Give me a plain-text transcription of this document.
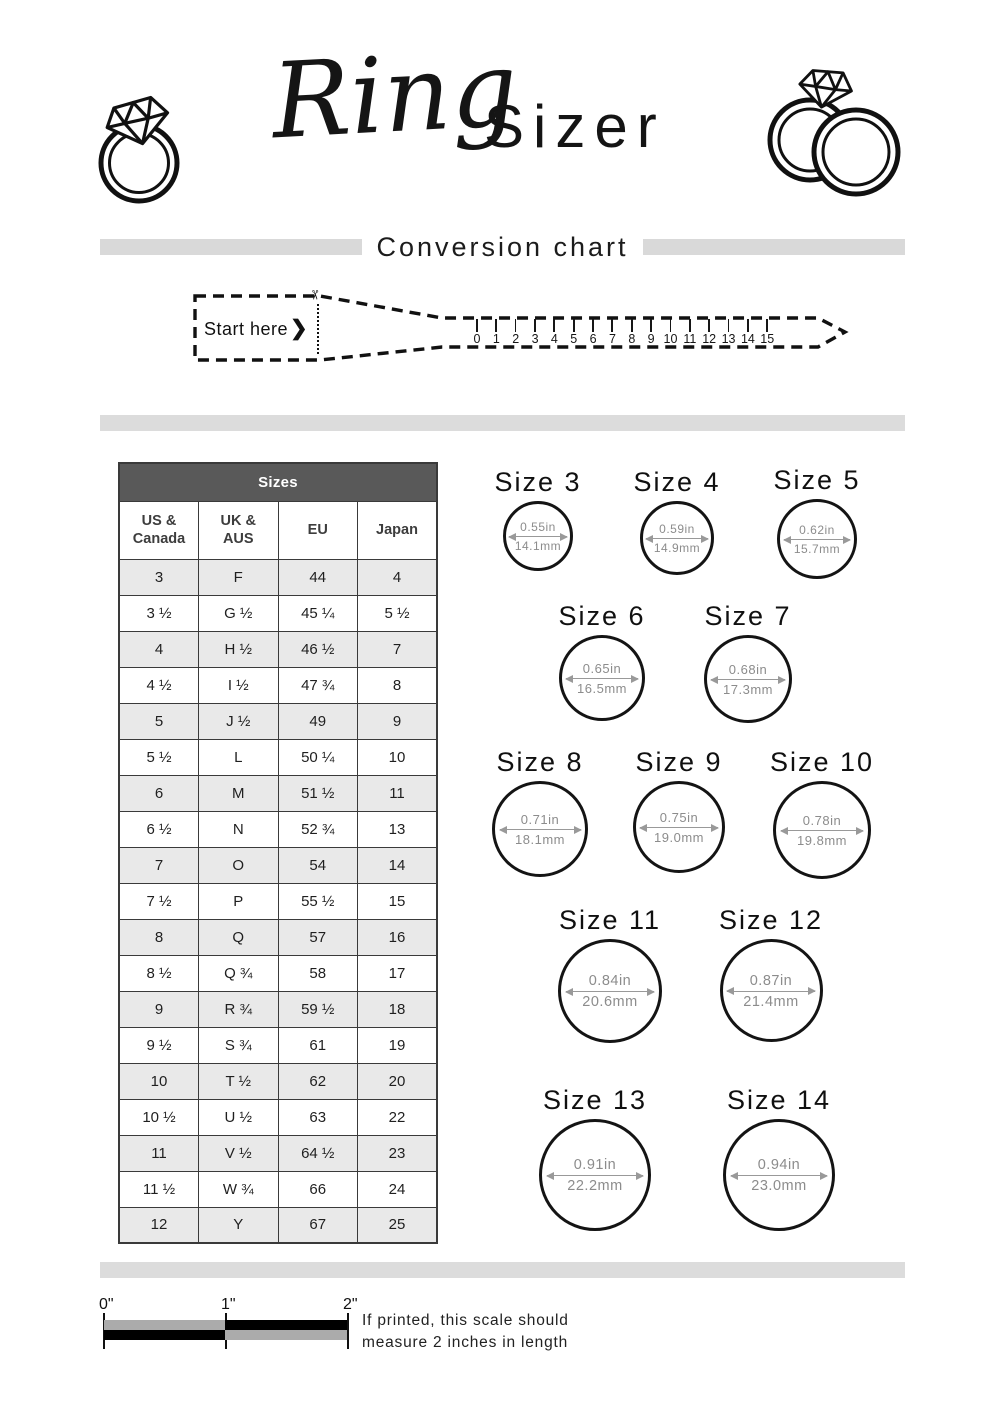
Ring
Sizer
Conversion chart
Start here ❯
✂
0 1 2 3 4 5 6 7 8 9 10 11 12 13 14 15
Sizes			
US & Canada	UK & AUS	EU	Japan
3	F	44	4
3 ½	G ½	45 ¼	5 ½
4	H ½	46 ½	7
4 ½	I ½	47 ¾	8
5	J ½	49	9
5 ½	L	50 ¼	10
6	M	51 ½	11
6 ½	N	52 ¾	13
7	O	54	14
7 ½	P	55 ½	15
8	Q	57	16
8 ½	Q ¾	58	17
9	R ¾	59 ½	18
9 ½	S ¾	61	19
10	T ½	62	20
10 ½	U ½	63	22
11	V ½	64 ½	23
11 ½	W ¾	66	24
12	Y	67	25
Size 3
0.55in
14.1mm
Size 4
0.59in
14.9mm
Size 5
0.62in
15.7mm
Size 6
0.65in
16.5mm
Size 7
0.68in
17.3mm
Size 8
0.71in
18.1mm
Size 9
0.75in
19.0mm
Size 10
0.78in
19.8mm
Size 11
0.84in
20.6mm
Size 12
0.87in
21.4mm
Size 13
0.91in
22.2mm
Size 14
0.94in
23.0mm
0"	1"	2"
If printed, this scale should
measure 2 inches in length
